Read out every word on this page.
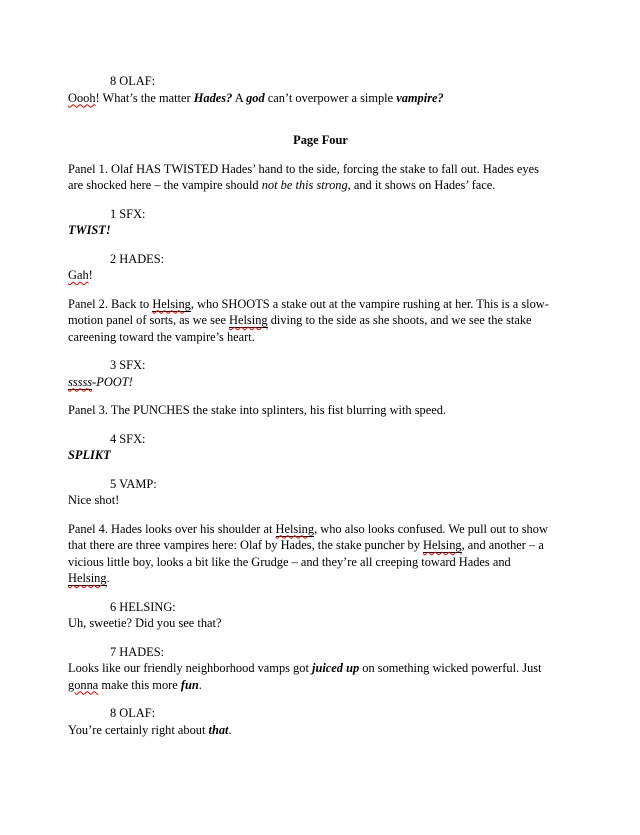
8 OLAF:
Oooh! What’s the matter Hades? A god can’t overpower a simple vampire?
Page Four
Panel 1. Olaf HAS TWISTED Hades’ hand to the side, forcing the stake to fall out. Hades eyes
are shocked here – the vampire should not be this strong, and it shows on Hades’ face.
1 SFX:
TWIST!
2 HADES:
Gah!
Panel 2. Back to Helsing, who SHOOTS a stake out at the vampire rushing at her. This is a slow-
motion panel of sorts, as we see Helsing diving to the side as she shoots, and we see the stake
careening toward the vampire’s heart.
3 SFX:
sssss-POOT!
Panel 3. The PUNCHES the stake into splinters, his fist blurring with speed.
4 SFX:
SPLIKT
5 VAMP:
Nice shot!
Panel 4. Hades looks over his shoulder at Helsing, who also looks confused. We pull out to show
that there are three vampires here: Olaf by Hades, the stake puncher by Helsing, and another – a
vicious little boy, looks a bit like the Grudge – and they’re all creeping toward Hades and
Helsing.
6 HELSING:
Uh, sweetie? Did you see that?
7 HADES:
Looks like our friendly neighborhood vamps got juiced up on something wicked powerful. Just
gonna make this more fun.
8 OLAF:
You’re certainly right about that.
